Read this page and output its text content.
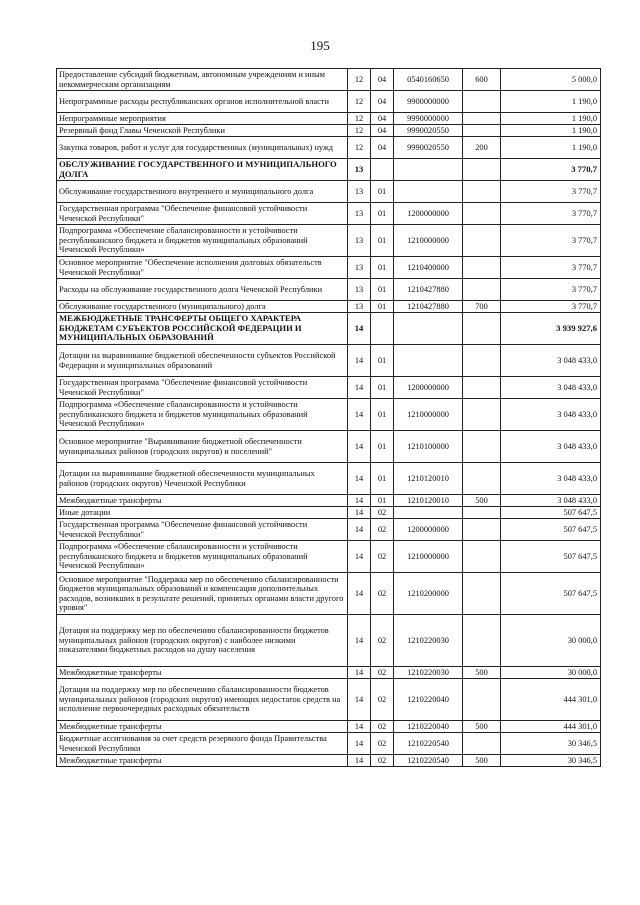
195
Предоставление субсидий бюджетным, автономным учреждениям и иным некоммерческим организациям	12	04	0540160650	600	5 000,0
Непрограммные расходы республиканских органов исполнительной власти	12	04	9900000000		1 190,0
Непрограммные мероприятия	12	04	9990000000		1 190,0
Резервный фонд Главы Чеченской Республики	12	04	9990020550		1 190,0
Закупка товаров, работ и услуг для государственных (муниципальных) нужд	12	04	9990020550	200	1 190,0
ОБСЛУЖИВАНИЕ ГОСУДАРСТВЕННОГО И МУНИЦИПАЛЬНОГО ДОЛГА	13				3 770,7
Обслуживание государственного внутреннего и муниципального долга	13	01			3 770,7
Государственная программа "Обеспечение финансовой устойчивости Чеченской Республики"	13	01	1200000000		3 770,7
Подпрограмма «Обеспечение сбалансированности и устойчивости республиканского бюджета и бюджетов муниципальных образований Чеченской Республики»	13	01	1210000000		3 770,7
Основное мероприятие "Обеспечение исполнения долговых обязательств Чеченской Республики"	13	01	1210400000		3 770,7
Расходы на обслуживание государственного долга Чеченской Республики	13	01	1210427880		3 770,7
Обслуживание государственного (муниципального) долга	13	01	1210427880	700	3 770,7
МЕЖБЮДЖЕТНЫЕ ТРАНСФЕРТЫ ОБЩЕГО ХАРАКТЕРА БЮДЖЕТАМ СУБЪЕКТОВ РОССИЙСКОЙ ФЕДЕРАЦИИ И МУНИЦИПАЛЬНЫХ ОБРАЗОВАНИЙ	14				3 939 927,6
Дотации на выравнивание бюджетной обеспеченности субъектов Российской Федерации и муниципальных образований	14	01			3 048 433,0
Государственная программа "Обеспечение финансовой устойчивости Чеченской Республики"	14	01	1200000000		3 048 433,0
Подпрограмма «Обеспечение сбалансированности и устойчивости республиканского бюджета и бюджетов муниципальных образований Чеченской Республики»	14	01	1210000000		3 048 433,0
Основное мероприятие "Выравнивание бюджетной обеспеченности муниципальных районов (городских округов) и поселений"	14	01	1210100000		3 048 433,0
Дотации на выравнивание бюджетной обеспеченности муниципальных районов (городских округов) Чеченской Республики	14	01	1210120010		3 048 433,0
Межбюджетные трансферты	14	01	1210120010	500	3 048 433,0
Иные дотации	14	02			507 647,5
Государственная программа "Обеспечение финансовой устойчивости Чеченской Республики"	14	02	1200000000		507 647,5
Подпрограмма «Обеспечение сбалансированности и устойчивости республиканского бюджета и бюджетов муниципальных образований Чеченской Республики»	14	02	1210000000		507 647,5
Основное мероприятие "Поддержка мер по обеспечению сбалансированности бюджетов муниципальных образований и компенсация дополнительных расходов, возникших в результате решений, принятых органами власти другого уровня"	14	02	1210200000		507 647,5
Дотация на поддержку мер по обеспечению сбалансированности бюджетов муниципальных районов (городских округов) с наиболее низкими показателями бюджетных расходов на душу населения	14	02	1210220030		30 000,0
Межбюджетные трансферты	14	02	1210220030	500	30 000,0
Дотация на поддержку мер по обеспечению сбалансированности бюджетов муниципальных районов (городских округов) имеющих недостаток средств на исполнение первоочередных расходных обязательств	14	02	1210220040		444 301,0
Межбюджетные трансферты	14	02	1210220040	500	444 301,0
Бюджетные ассигнования за счет средств резервного фонда Правительства Чеченской Республики	14	02	1210220540		30 346,5
Межбюджетные трансферты	14	02	1210220540	500	30 346,5
